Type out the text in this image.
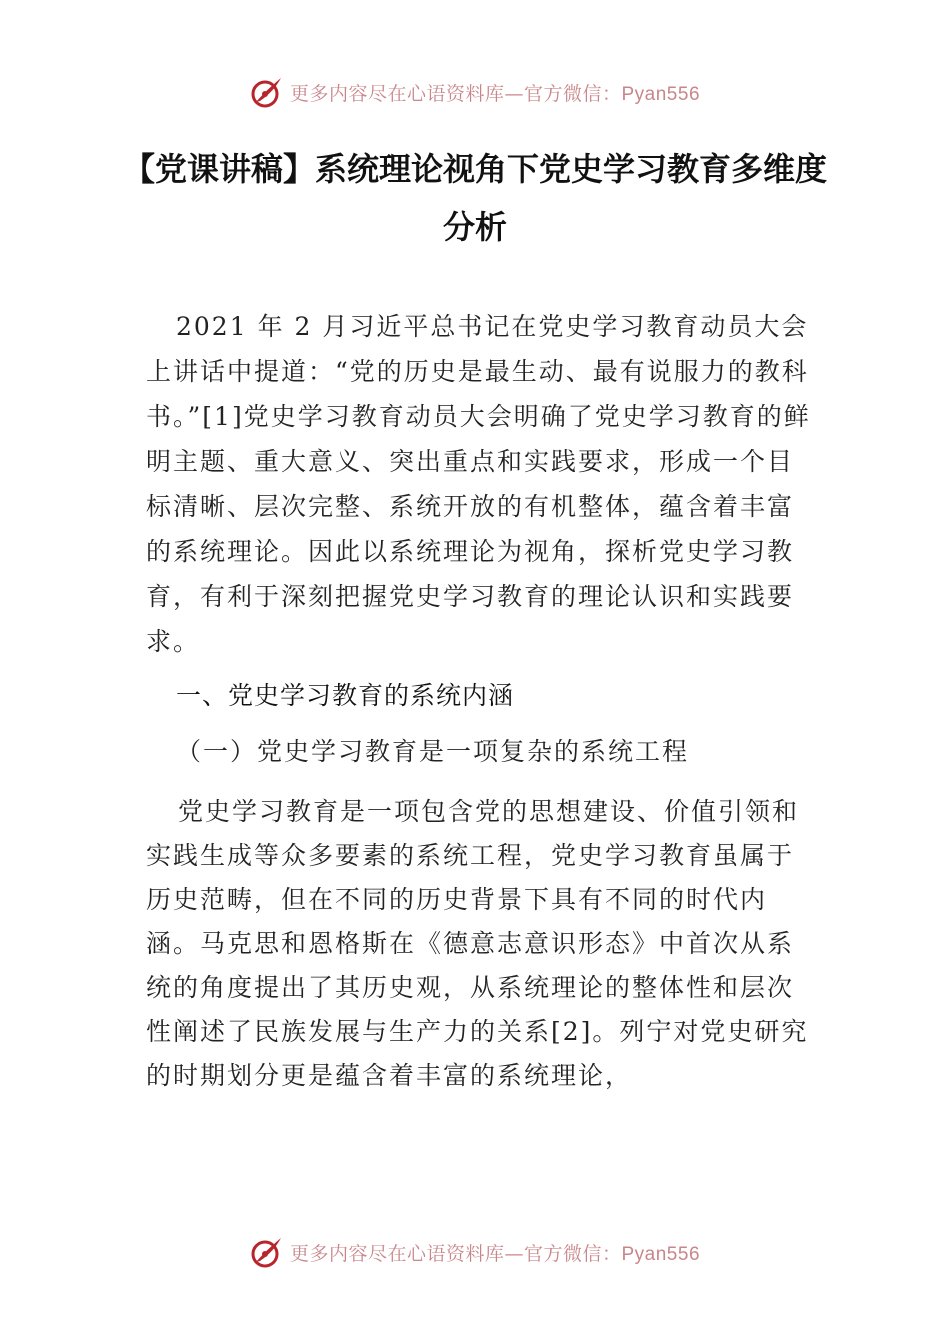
更多内容尽在心语资料库—官方微信：Pyan556
【党课讲稿】系统理论视角下党史学习教育多维度分析
2021 年 2 月习近平总书记在党史学习教育动员大会上讲话中提道：“党的历史是最生动、最有说服力的教科书。”[1]党史学习教育动员大会明确了党史学习教育的鲜明主题、重大意义、突出重点和实践要求，形成一个目标清晰、层次完整、系统开放的有机整体，蕴含着丰富的系统理论。因此以系统理论为视角，探析党史学习教育，有利于深刻把握党史学习教育的理论认识和实践要求。
一、党史学习教育的系统内涵
（一）党史学习教育是一项复杂的系统工程
党史学习教育是一项包含党的思想建设、价值引领和实践生成等众多要素的系统工程，党史学习教育虽属于历史范畴，但在不同的历史背景下具有不同的时代内涵。马克思和恩格斯在《德意志意识形态》中首次从系统的角度提出了其历史观，从系统理论的整体性和层次性阐述了民族发展与生产力的关系[2]。列宁对党史研究的时期划分更是蕴含着丰富的系统理论，
更多内容尽在心语资料库—官方微信：Pyan556
